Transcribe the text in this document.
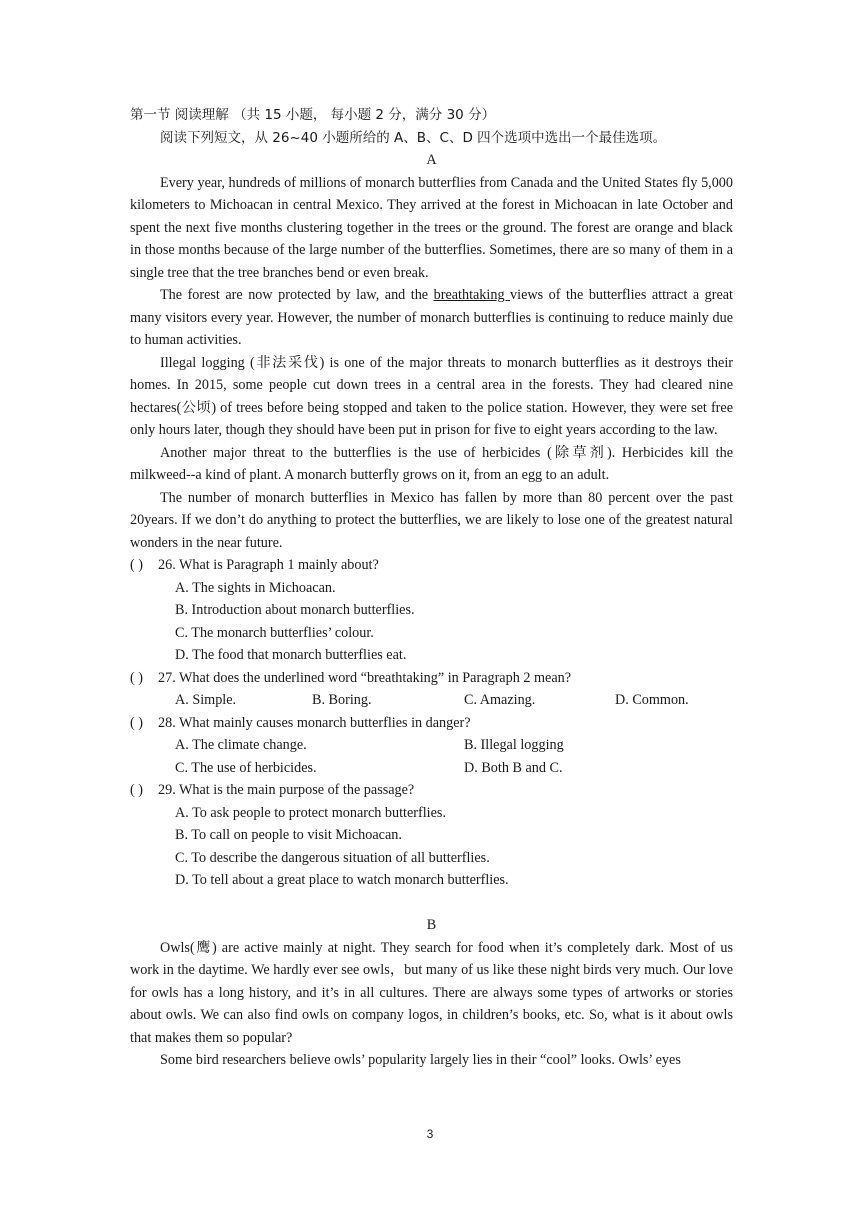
第一节 阅读理解 （共 15 小题， 每小题 2 分，满分 30 分）

阅读下列短文，从 26~40 小题所给的 A、B、C、D 四个选项中选出一个最佳选项。

A

Every year, hundreds of millions of monarch butterflies from Canada and the United States fly 5,000 kilometers to Michoacan in central Mexico. They arrived at the forest in Michoacan in late October and spent the next five months clustering together in the trees or the ground. The forest are orange and black in those months because of the large number of the butterflies. Sometimes, there are so many of them in a single tree that the tree branches bend or even break.

The forest are now protected by law, and the breathtaking views of the butterflies attract a great many visitors every year. However, the number of monarch butterflies is continuing to reduce mainly due to human activities.

Illegal logging (非法采伐) is one of the major threats to monarch butterflies as it destroys their homes. In 2015, some people cut down trees in a central area in the forests. They had cleared nine hectares(公顷) of trees before being stopped and taken to the police station. However, they were set free only hours later, though they should have been put in prison for five to eight years according to the law.

Another major threat to the butterflies is the use of herbicides (除草剂). Herbicides kill the milkweed--a kind of plant. A monarch butterfly grows on it, from an egg to an adult.

The number of monarch butterflies in Mexico has fallen by more than 80 percent over the past 20years. If we don’t do anything to protect the butterflies, we are likely to lose one of the greatest natural wonders in the near future.

( ) 26. What is Paragraph 1 mainly about?

A. The sights in Michoacan.

B. Introduction about monarch butterflies.

C. The monarch butterflies’ colour.

D. The food that monarch butterflies eat.

( ) 27. What does the underlined word “breathtaking” in Paragraph 2 mean?

A. Simple.	B. Boring.	C. Amazing.	D. Common.

( ) 28. What mainly causes monarch butterflies in danger?

A. The climate change.	B. Illegal logging
C. The use of herbicides.	D. Both B and C.

( ) 29. What is the main purpose of the passage?

A. To ask people to protect monarch butterflies.

B. To call on people to visit Michoacan.

C. To describe the dangerous situation of all butterflies.

D. To tell about a great place to watch monarch butterflies.

B

Owls(鹰) are active mainly at night. They search for food when it’s completely dark. Most of us work in the daytime. We hardly ever see owls，but many of us like these night birds very much. Our love for owls has a long history, and it’s in all cultures. There are always some types of artworks or stories about owls. We can also find owls on company logos, in children’s books, etc. So, what is it about owls that makes them so popular?

Some bird researchers believe owls’ popularity largely lies in their “cool” looks. Owls’ eyes

3
